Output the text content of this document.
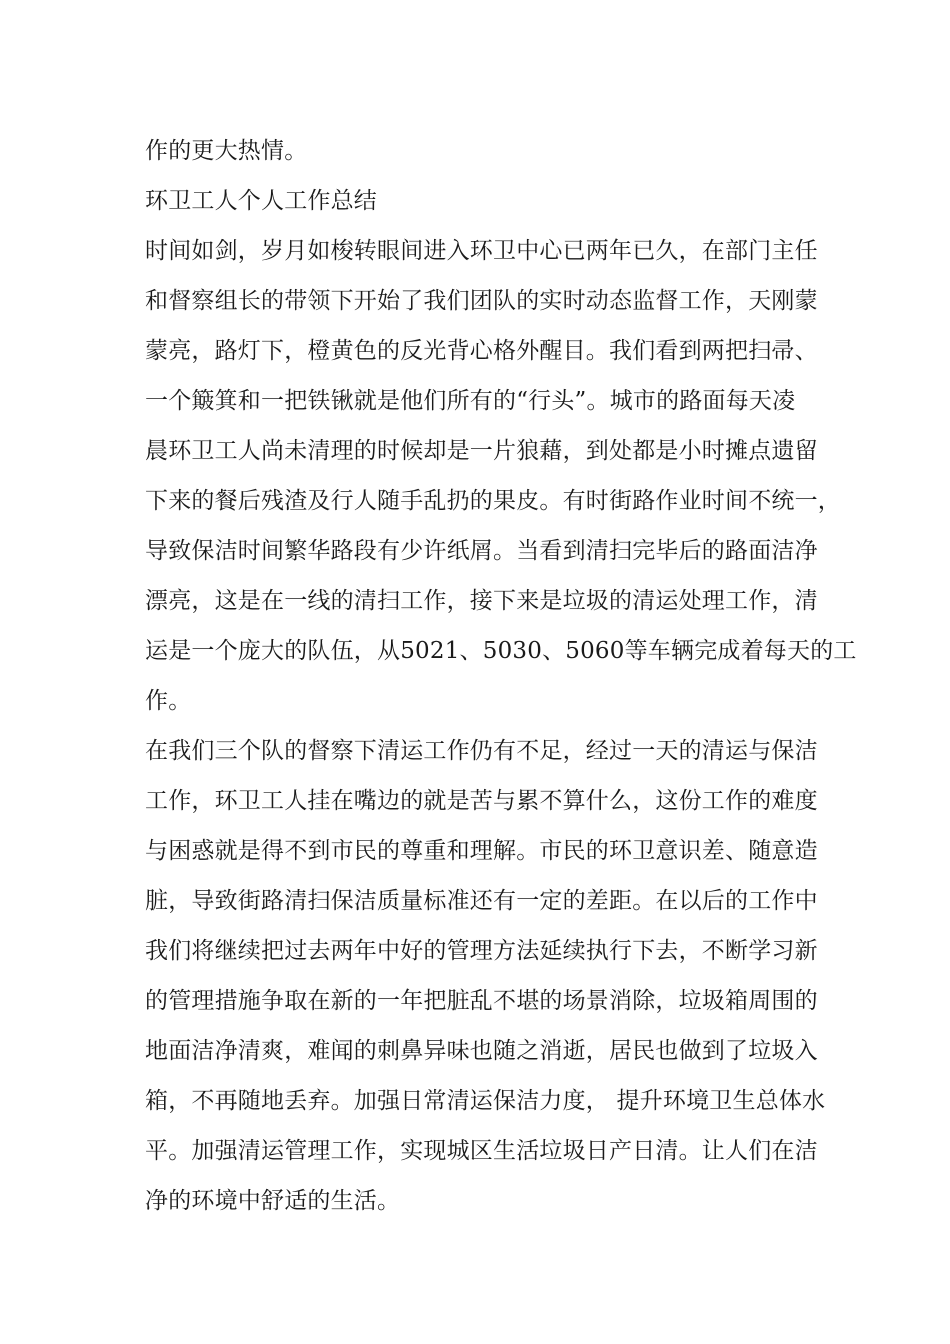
作的更大热情。
环卫工人个人工作总结
时间如剑，岁月如梭转眼间进入环卫中心已两年已久，在部门主任
和督察组长的带领下开始了我们团队的实时动态监督工作，天刚蒙
蒙亮，路灯下，橙黄色的反光背心格外醒目。我们看到两把扫帚、
一个簸箕和一把铁锹就是他们所有的“行头”。城市的路面每天凌
晨环卫工人尚未清理的时候却是一片狼藉，到处都是小时摊点遗留
下来的餐后残渣及行人随手乱扔的果皮。有时街路作业时间不统一，
导致保洁时间繁华路段有少许纸屑。当看到清扫完毕后的路面洁净
漂亮，这是在一线的清扫工作，接下来是垃圾的清运处理工作，清
运是一个庞大的队伍，从5021、5030、5060等车辆完成着每天的工
作。
在我们三个队的督察下清运工作仍有不足，经过一天的清运与保洁
工作，环卫工人挂在嘴边的就是苦与累不算什么，这份工作的难度
与困惑就是得不到市民的尊重和理解。市民的环卫意识差、随意造
脏，导致街路清扫保洁质量标准还有一定的差距。在以后的工作中
我们将继续把过去两年中好的管理方法延续执行下去，不断学习新
的管理措施争取在新的一年把脏乱不堪的场景消除，垃圾箱周围的
地面洁净清爽，难闻的刺鼻异味也随之消逝，居民也做到了垃圾入
箱，不再随地丢弃。加强日常清运保洁力度， 提升环境卫生总体水
平。加强清运管理工作，实现城区生活垃圾日产日清。让人们在洁
净的环境中舒适的生活。
